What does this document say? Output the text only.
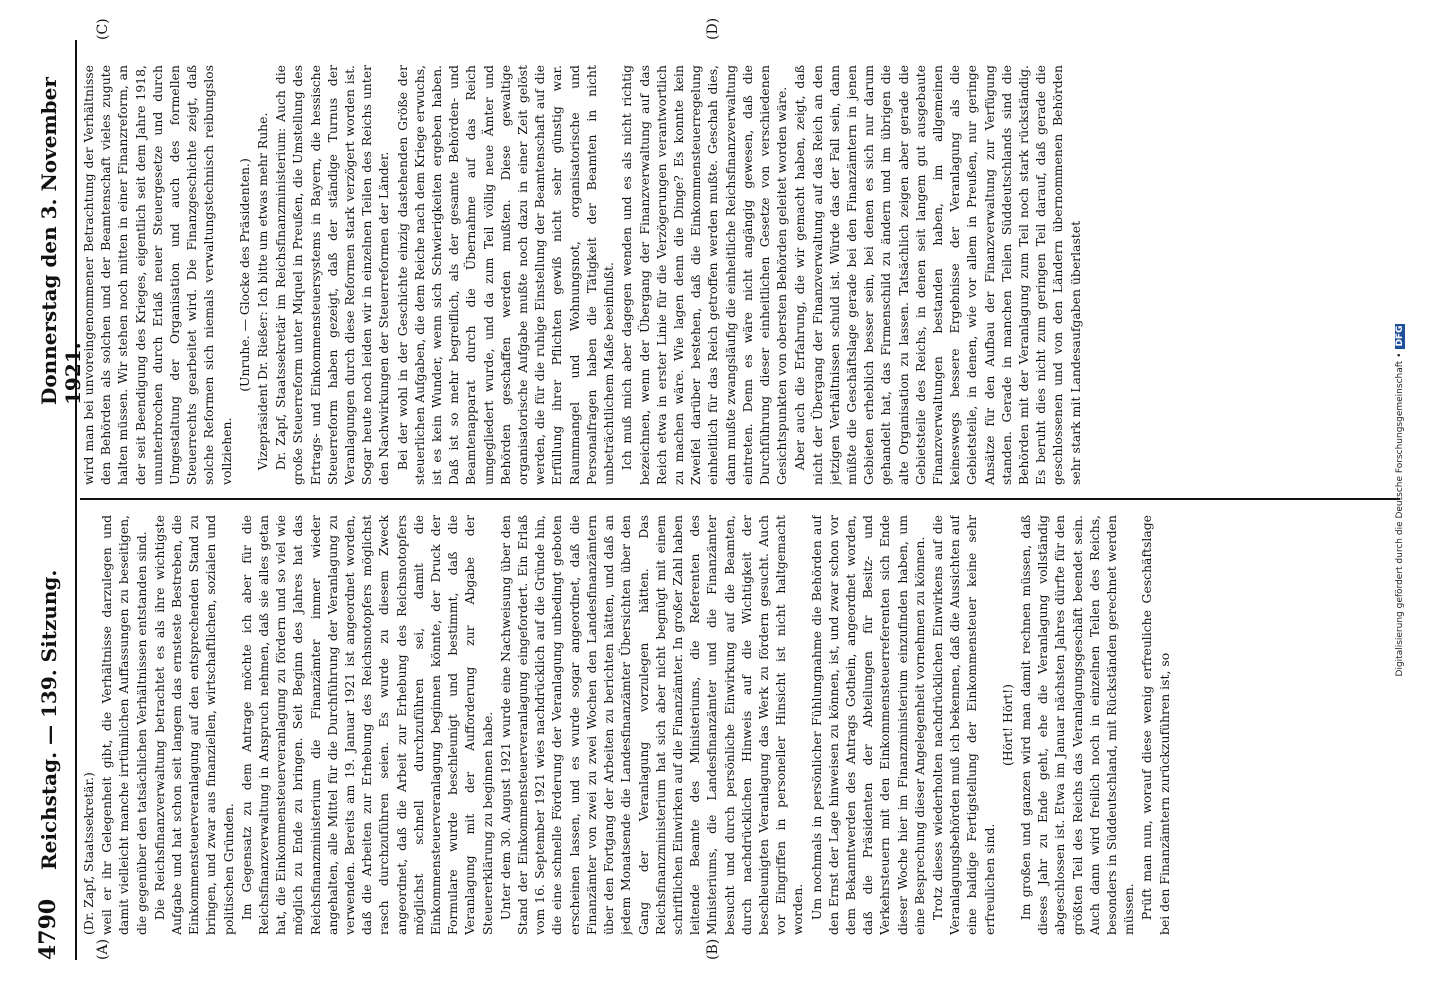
4790
Reichstag. — 139. Sitzung.
Donnerstag den 3. November 1921.
(A)	(B)
(C)	(D)

(Dr. Zapf, Staatssekretär.) weil er ihr Gelegenheit gibt, die Verhältnisse darzulegen und damit vielleicht manche irrtümlichen Auffassungen zu beseitigen, die gegenüber den tatsächlichen Verhältnissen entstanden sind. Die Reichsfinanzverwaltung betrachtet es als ihre wichtigste Aufgabe und hat schon seit langem das ernsteste Bestreben, die Einkommensteuerveranlagung auf den entsprechenden Stand zu bringen, und zwar aus finanziellen, wirtschaftlichen, sozialen und politischen Gründen. Im Gegensatz zu dem Antrage möchte ich aber für die Reichsfinanzverwaltung in Anspruch nehmen, daß sie alles getan hat, die Einkommensteuerveranlagung zu fördern und so viel wie möglich zu Ende zu bringen. Seit Beginn des Jahres hat das Reichsfinanzministerium die Finanzämter immer wieder angehalten, alle Mittel für die Durchführung der Veranlagung zu verwenden. Bereits am 19. Januar 1921 ist angeordnet worden, daß die Arbeiten zur Erhebung des Reichsnotopfers möglichst rasch durchzuführen seien. Es wurde zu diesem Zweck angeordnet, daß die Arbeit zur Erhebung des Reichsnotopfers möglichst schnell durchzuführen sei, damit die Einkommensteuerveranlagung beginnen könnte, der Druck der Formulare wurde beschleunigt und bestimmt, daß die Veranlagung mit der Aufforderung zur Abgabe der Steuererklärung zu beginnen habe. Unter dem 30. August 1921 wurde eine Nachweisung über den Stand der Einkommensteuerveranlagung eingefordert. Ein Erlaß vom 16. September 1921 wies nachdrücklich auf die Gründe hin, die eine schnelle Förderung der Veranlagung unbedingt geboten erscheinen lassen, und es wurde sogar angeordnet, daß die Finanzämter von zwei zu zwei Wochen den Landesfinanzämtern über den Fortgang der Arbeiten zu berichten hätten, und daß an jedem Monatsende die Landesfinanzämter Übersichten über den Gang der Veranlagung vorzulegen hätten. Das Reichsfinanzministerium hat sich aber nicht begnügt mit einem schriftlichen Einwirken auf die Finanzämter. In großer Zahl haben leitende Beamte des Ministeriums, die Referenten des Ministeriums, die Landesfinanzämter und die Finanzämter besucht und durch persönliche Einwirkung auf die Beamten, durch nachdrücklichen Hinweis auf die Wichtigkeit der beschleunigten Veranlagung das Werk zu fördern gesucht. Auch vor Eingriffen in personeller Hinsicht ist nicht haltgemacht worden. Um nochmals in persönlicher Fühlungnahme die Behörden auf den Ernst der Lage hinweisen zu können, ist, und zwar schon vor dem Bekanntwerden des Antrags Gothein, angeordnet worden, daß die Präsidenten der Abteilungen für Besitz- und Verkehrsteuern mit den Einkommensteuerreferenten sich Ende dieser Woche hier im Finanzministerium einzufinden haben, um eine Besprechung dieser Angelegenheit vornehmen zu können. Trotz dieses wiederholten nachdrücklichen Einwirkens auf die Veranlagungsbehörden muß ich bekennen, daß die Aussichten auf eine baldige Fertigstellung der Einkommensteuer keine sehr erfreulichen sind.

(Hört! Hört!) Im großen und ganzen wird man damit rechnen müssen, daß dieses Jahr zu Ende geht, ehe die Veranlagung vollständig abgeschlossen ist. Etwa im Januar nächsten Jahres dürfte für den größten Teil des Reichs das Veranlagungsgeschäft beendet sein. Auch dann wird freilich noch in einzelnen Teilen des Reichs, besonders in Süddeutschland, mit Rückständen gerechnet werden müssen. Prüft man nun, worauf diese wenig erfreuliche Geschäftslage bei den Finanzämtern zurückzuführen ist, so

wird man bei unvoreingenommener Betrachtung der Verhältnisse den Behörden als solchen und der Beamtenschaft vieles zugute halten müssen. Wir stehen noch mitten in einer Finanzreform, an der seit Beendigung des Krieges, eigentlich seit dem Jahre 1918, ununterbrochen durch Erlaß neuer Steuergesetze und durch Umgestaltung der Organisation und auch des formellen Steuerrechts gearbeitet wird. Die Finanzgeschichte zeigt, daß solche Reformen sich niemals verwaltungstechnisch reibungslos vollziehen.

(Unruhe. — Glocke des Präsidenten.) Vizepräsident Dr. Rießer: Ich bitte um etwas mehr Ruhe. Dr. Zapf, Staatssekretär im Reichsfinanzministerium: Auch die große Steuerreform unter Miquel in Preußen, die Umstellung des Ertrags- und Einkommensteuersystems in Bayern, die hessische Steuerreform haben gezeigt, daß der ständige Turnus der Veranlagungen durch diese Reformen stark verzögert worden ist. Sogar heute noch leiden wir in einzelnen Teilen des Reichs unter den Nachwirkungen der Steuerreformen der Länder. Bei der wohl in der Geschichte einzig dastehenden Größe der steuerlichen Aufgaben, die dem Reiche nach dem Kriege erwuchs, ist es kein Wunder, wenn sich Schwierigkeiten ergeben haben. Daß ist so mehr begreiflich, als der gesamte Behörden- und Beamtenapparat durch die Übernahme auf das Reich umgegliedert wurde, und da zum Teil völlig neue Ämter und Behörden geschaffen werden mußten. Diese gewaltige organisatorische Aufgabe mußte noch dazu in einer Zeit gelöst werden, die für die ruhige Einstellung der Beamtenschaft auf die Erfüllung ihrer Pflichten gewiß nicht sehr günstig war. Raummangel und Wohnungsnot, organisatorische und Personalfragen haben die Tätigkeit der Beamten in nicht unbeträchtlichem Maße beeinflußt. Ich muß mich aber dagegen wenden und es als nicht richtig bezeichnen, wenn der Übergang der Finanzverwaltung auf das Reich etwa in erster Linie für die Verzögerungen verantwortlich zu machen wäre. Wie lagen denn die Dinge? Es konnte kein Zweifel darüber bestehen, daß die Einkommensteuerregelung einheitlich für das Reich getroffen werden mußte. Geschah dies, dann mußte zwangsläufig die einheitliche Reichsfinanzverwaltung eintreten. Denn es wäre nicht angängig gewesen, daß die Durchführung dieser einheitlichen Gesetze von verschiedenen Gesichtspunkten von obersten Behörden geleitet worden wäre. Aber auch die Erfahrung, die wir gemacht haben, zeigt, daß nicht der Übergang der Finanzverwaltung auf das Reich an den jetzigen Verhältnissen schuld ist. Würde das der Fall sein, dann müßte die Geschäftslage gerade bei den Finanzämtern in jenen Gebieten erheblich besser sein, bei denen es sich nur darum gehandelt hat, das Firmenschild zu ändern und im übrigen die alte Organisation zu lassen. Tatsächlich zeigen aber gerade die Gebietsteile des Reichs, in denen seit langem gut ausgebaute Finanzverwaltungen bestanden haben, im allgemeinen keineswegs bessere Ergebnisse der Veranlagung als die Gebietsteile, in denen, wie vor allem in Preußen, nur geringe Ansätze für den Aufbau der Finanzverwaltung zur Verfügung standen. Gerade in manchen Teilen Süddeutschlands sind die Behörden mit der Veranlagung zum Teil noch stark rückständig. Es beruht dies nicht zum geringen Teil darauf, daß gerade die geschlossenen und von den Ländern übernommenen Behörden sehr stark mit Landesaufgaben überlastet	Digitalisierung gefördert durch die Deutsche Forschungsgemeinschaft •DFG
